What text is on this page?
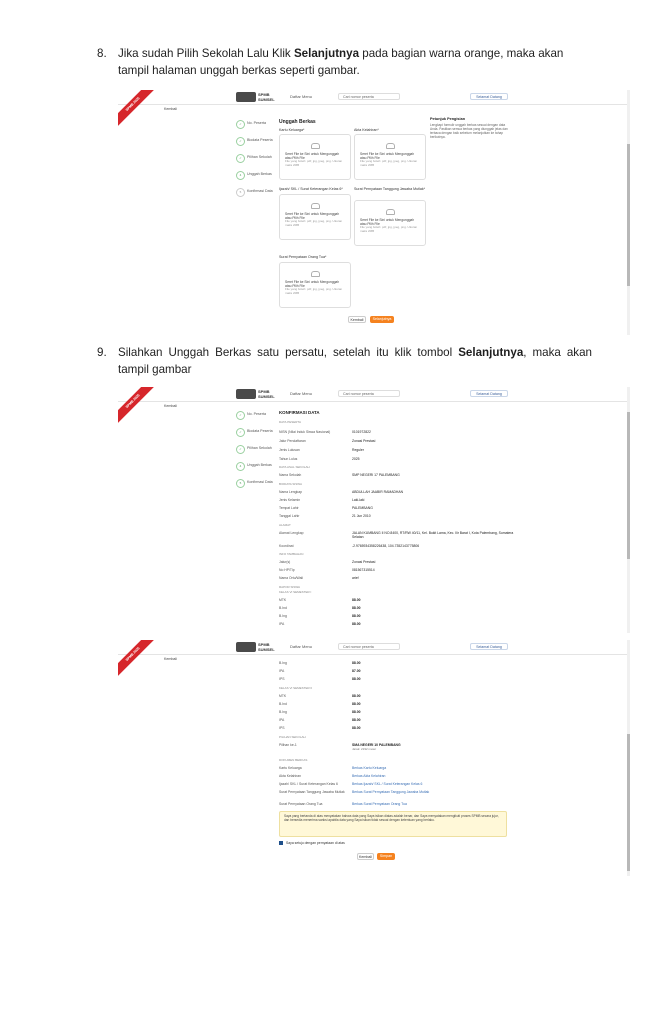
8. Jika sudah Pilih Sekolah Lalu Klik Selanjutnya pada bagian warna orange, maka akan tampil halaman unggah berkas seperti gambar.
SPMB
SUMSEL
Daftar Menu	Cari nomor peserta	Selamat Datang
SPMB 2025	Kembali
✓	No. Peserta
✓	Biodata Peserta
✓	Pilihan Sekolah
4	Unggah Berkas
5	Konfirmasi Data
Unggah Berkas
Kartu Keluarga*
Seret File ke Sini untuk Mengunggah atau Pilih File
File yang boleh: pdf, jpg, jpeg, png. Ukuran maks 2MB
Akta Kelahiran*
Seret File ke Sini untuk Mengunggah atau Pilih File
File yang boleh: pdf, jpg, jpeg, png. Ukuran maks 2MB
Petunjuk Pengisian
Lengkapi formulir unggah berkas sesuai dengan data Anda. Pastikan semua berkas yang diunggah jelas dan terbaca dengan baik sebelum melanjutkan ke tahap berikutnya.
Ijazah/ SKL / Surat Keterangan Kelas 6*
Seret File ke Sini untuk Mengunggah atau Pilih File
File yang boleh: pdf, jpg, jpeg, png. Ukuran maks 2MB
Surat Pernyataan Tanggung Jawaba Mutlak*
Seret File ke Sini untuk Mengunggah atau Pilih File
File yang boleh: pdf, jpg, jpeg, png. Ukuran maks 2MB
Surat Pernyataan Orang Tua*
Seret File ke Sini untuk Mengunggah atau Pilih File
File yang boleh: pdf, jpg, jpeg, png. Ukuran maks 2MB
Kembali	Selanjutnya
9. Silahkan Unggah Berkas satu persatu, setelah itu klik tombol Selanjutnya, maka akan tampil gambar
SPMB
SUMSEL
Daftar Menu	Cari nomor peserta	Selamat Datang
SPMB 2025	Kembali
✓	No. Peserta
✓	Biodata Peserta
✓	Pilihan Sekolah
4	Unggah Berkas
5	Konfirmasi Data
KONFIRMASI DATA
DATA PESERTA
NISN (Nilai Induk Siswa Nasional)	0101972822
Jalur Pendaftaran	Zonasi Prestasi
Jenis Lulusan	Reguler
Tahun Lulus	2025
DATA ASAL SEKOLAH
Nama Sekolah	SMP NEGERI 17 PALEMBANG
BIODATA SISWA
Nama Lengkap	ABDULLAH JAABIR RAMADHAN
Jenis Kelamin	Laki-laki
Tempat Lahir	PALEMBANG
Tanggal Lahir	21 Jun 2010
ALAMAT
Alamat Lengkap	JALAN KUMBANG II NO.8400, RT/RW 40/11, Kel. Bukit Lama, Kec. Ilir Barat I, Kota Palembang, Sumatera Selatan
Koordinat	-2.9765934358226438, 104.7352143775806
INFO TAMBAHAN
Jalur(s)	Zonasi Prestasi
No HP/Tlp	081567315514
Nama Ortu/Wali	arief
RAPOR SISWA
KELAS VI SEMESTER I
MTK	88.00
B.Ind	88.00
B.Ing	88.00
IPA	88.00
SPMB
SUMSEL
Daftar Menu	Cari nomor peserta	Selamat Datang
SPMB 2025	Kembali
B.Ing	88.00
IPA	87.00
IPS	88.00
KELAS VI SEMESTER II
MTK	88.00
B.Ind	88.00
B.Ing	88.00
IPA	88.00
IPS	88.00
PILIHAN SEKOLAH
Pilihan ke-1	SMA NEGERI 10 PALEMBANG
Jarak: 2192 meter
DOKUMEN BERKAS
Kartu Keluarga	Berkas Kartu Keluarga
Akta Kelahiran	Berkas Akta Kelahiran
Ijazah/ SKL / Surat Keterangan Kelas 6	Berkas Ijazah/ SKL / Surat Keterangan Kelas 6
Surat Pernyataan Tanggung Jawaba Mutlak	Berkas Surat Pernyataan Tanggung Jawaba Mutlak
Surat Pernyataan Orang Tua	Berkas Surat Pernyataan Orang Tua
Saya yang bertanda di atas menyatakan bahwa data yang Saya isikan diatas adalah benar, dan Saya menyatakan mengikuti proses SPMB secara jujur, dan bersedia menerima sanksi apabila data yang Saya isikan tidak sesuai dengan ketentuan yang berlaku.
Saya setuju dengan pernyataan di atas
Kembali	Simpan
